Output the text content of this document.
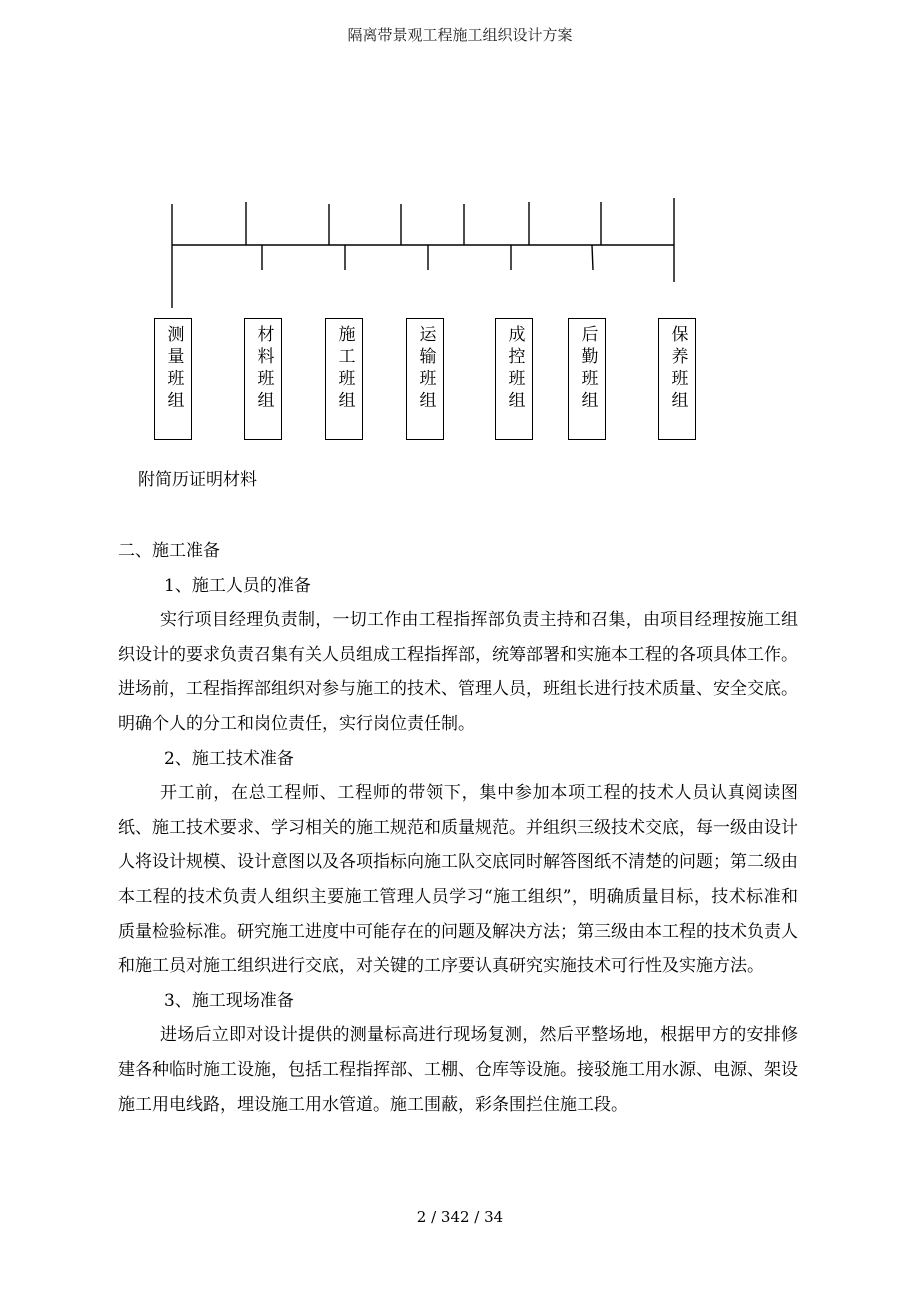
隔离带景观工程施工组织设计方案
测量班组	材料班组	施工班组	运输班组	成控班组	后勤班组	保养班组
附简历证明材料

二、施工准备

1、施工人员的准备

实行项目经理负责制，一切工作由工程指挥部负责主持和召集，由项目经理按施工组织设计的要求负责召集有关人员组成工程指挥部，统筹部署和实施本工程的各项具体工作。进场前，工程指挥部组织对参与施工的技术、管理人员，班组长进行技术质量、安全交底。明确个人的分工和岗位责任，实行岗位责任制。

2、施工技术准备

开工前，在总工程师、工程师的带领下，集中参加本项工程的技术人员认真阅读图纸、施工技术要求、学习相关的施工规范和质量规范。并组织三级技术交底，每一级由设计人将设计规模、设计意图以及各项指标向施工队交底同时解答图纸不清楚的问题；第二级由本工程的技术负责人组织主要施工管理人员学习“施工组织”，明确质量目标，技术标准和质量检验标准。研究施工进度中可能存在的问题及解决方法；第三级由本工程的技术负责人和施工员对施工组织进行交底，对关键的工序要认真研究实施技术可行性及实施方法。

3、施工现场准备

进场后立即对设计提供的测量标高进行现场复测，然后平整场地，根据甲方的安排修建各种临时施工设施，包括工程指挥部、工棚、仓库等设施。接驳施工用水源、电源、架设施工用电线路，埋设施工用水管道。施工围蔽，彩条围拦住施工段。

2 / 342 / 34
